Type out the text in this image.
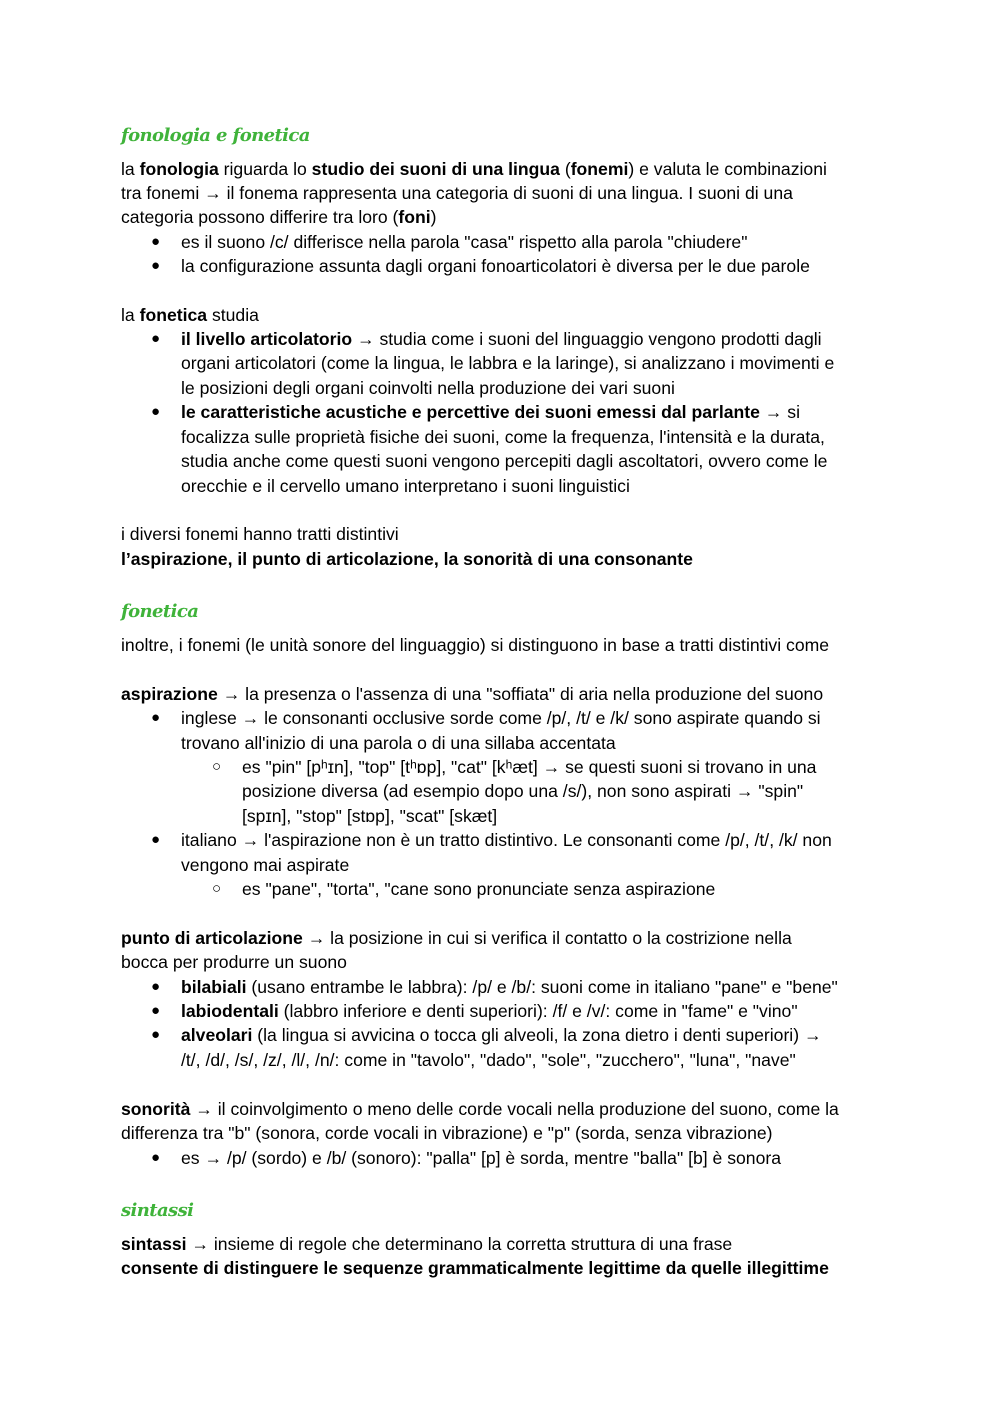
fonologia e fonetica
la fonologia riguarda lo studio dei suoni di una lingua (fonemi) e valuta le combinazioni
tra fonemi → il fonema rappresenta una categoria di suoni di una lingua. I suoni di una
categoria possono differire tra loro (foni)
● es il suono /c/ differisce nella parola "casa" rispetto alla parola "chiudere"
● la configurazione assunta dagli organi fonoarticolatori è diversa per le due parole
la fonetica studia
● il livello articolatorio → studia come i suoni del linguaggio vengono prodotti dagli
organi articolatori (come la lingua, le labbra e la laringe), si analizzano i movimenti e
le posizioni degli organi coinvolti nella produzione dei vari suoni
● le caratteristiche acustiche e percettive dei suoni emessi dal parlante → si
focalizza sulle proprietà fisiche dei suoni, come la frequenza, l'intensità e la durata,
studia anche come questi suoni vengono percepiti dagli ascoltatori, ovvero come le
orecchie e il cervello umano interpretano i suoni linguistici
i diversi fonemi hanno tratti distintivi
l’aspirazione, il punto di articolazione, la sonorità di una consonante
fonetica
inoltre, i fonemi (le unità sonore del linguaggio) si distinguono in base a tratti distintivi come
aspirazione → la presenza o l'assenza di una "soffiata" di aria nella produzione del suono
● inglese → le consonanti occlusive sorde come /p/, /t/ e /k/ sono aspirate quando si
trovano all'inizio di una parola o di una sillaba accentata
○ es "pin" [pʰɪn], "top" [tʰɒp], "cat" [kʰæt] → se questi suoni si trovano in una
posizione diversa (ad esempio dopo una /s/), non sono aspirati → "spin"
[spɪn], "stop" [stɒp], "scat" [skæt]
● italiano → l'aspirazione non è un tratto distintivo. Le consonanti come /p/, /t/, /k/ non
vengono mai aspirate
○ es "pane", "torta", "cane sono pronunciate senza aspirazione
punto di articolazione → la posizione in cui si verifica il contatto o la costrizione nella
bocca per produrre un suono
● bilabiali (usano entrambe le labbra): /p/ e /b/: suoni come in italiano "pane" e "bene"
● labiodentali (labbro inferiore e denti superiori): /f/ e /v/: come in "fame" e "vino"
● alveolari (la lingua si avvicina o tocca gli alveoli, la zona dietro i denti superiori) →
/t/, /d/, /s/, /z/, /l/, /n/: come in "tavolo", "dado", "sole", "zucchero", "luna", "nave"
sonorità → il coinvolgimento o meno delle corde vocali nella produzione del suono, come la
differenza tra "b" (sonora, corde vocali in vibrazione) e "p" (sorda, senza vibrazione)
● es → /p/ (sordo) e /b/ (sonoro): "palla" [p] è sorda, mentre "balla" [b] è sonora
sintassi
sintassi → insieme di regole che determinano la corretta struttura di una frase
consente di distinguere le sequenze grammaticalmente legittime da quelle illegittime
